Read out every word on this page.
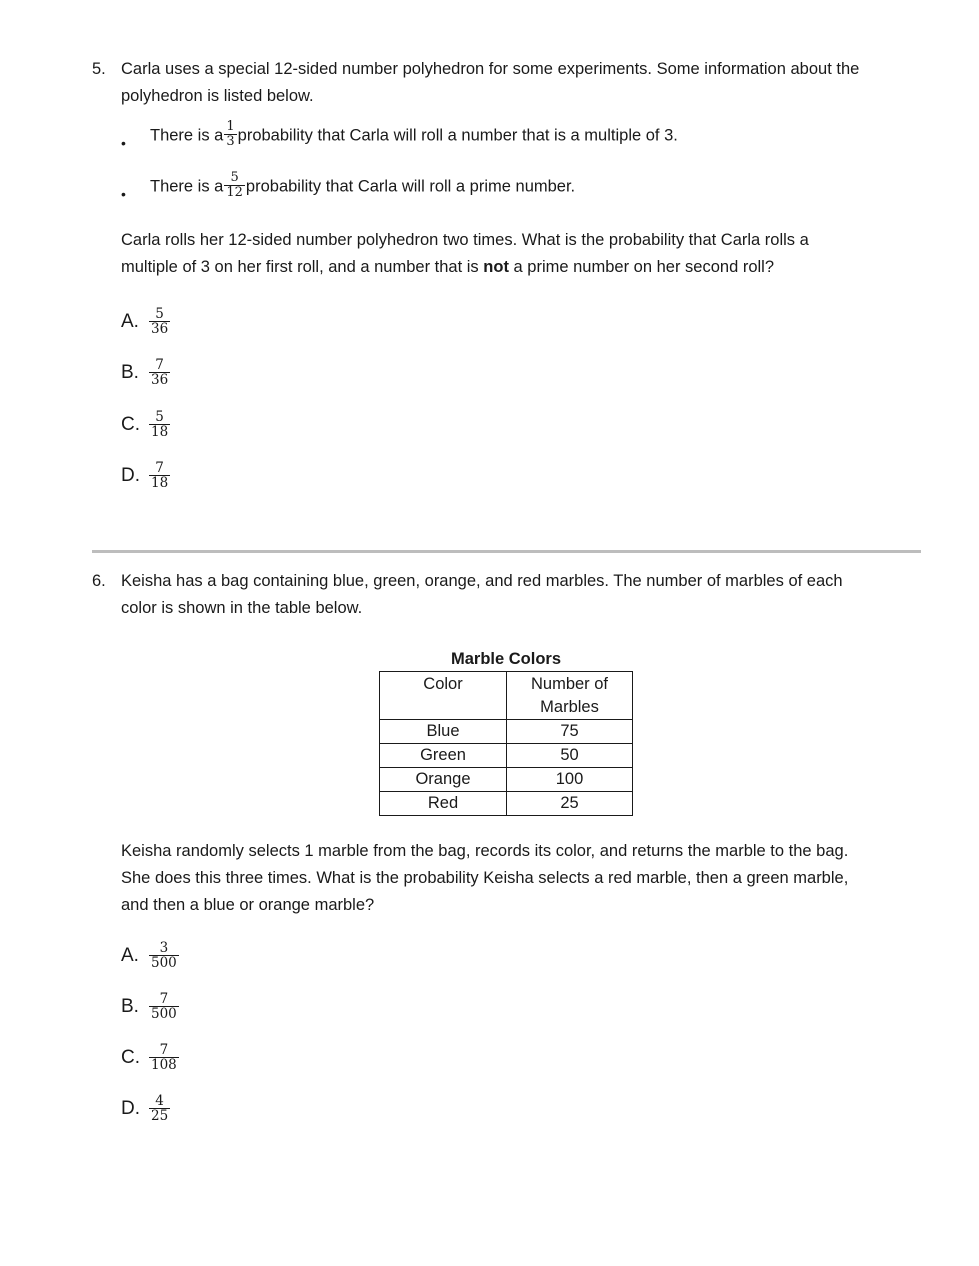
5. Carla uses a special 12-sided number polyhedron for some experiments. Some information about the
polyhedron is listed below.
• There is a $\frac{1}{3}$ probability that Carla will roll a number that is a multiple of 3.
• There is a $\frac{5}{12}$ probability that Carla will roll a prime number.
Carla rolls her 12-sided number polyhedron two times. What is the probability that Carla rolls a
multiple of 3 on her first roll, and a number that is not a prime number on her second roll?
A. $\frac{5}{36}$
B. $\frac{7}{36}$
C. $\frac{5}{18}$
D. $\frac{7}{18}$
6. Keisha has a bag containing blue, green, orange, and red marbles. The number of marbles of each
color is shown in the table below.
Marble Colors
Color	Number of
Marbles
Blue	75
Green	50
Orange	100
Red	25
Keisha randomly selects 1 marble from the bag, records its color, and returns the marble to the bag.
She does this three times. What is the probability Keisha selects a red marble, then a green marble,
and then a blue or orange marble?
A. $\frac{3}{500}$
B. $\frac{7}{500}$
C. $\frac{7}{108}$
D. $\frac{4}{25}$
